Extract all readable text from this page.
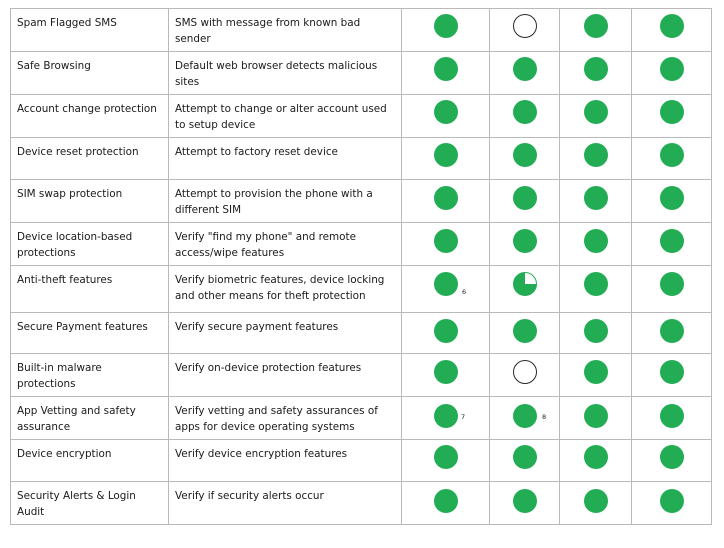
Spam Flagged SMS	SMS with message from known bad sender	

Safe Browsing	Default web browser detects malicious sites	

Account change protection	Attempt to change or alter account used to setup device	

Device reset protection	Attempt to factory reset device	

SIM swap protection	Attempt to provision the phone with a different SIM	

Device location-based protections	Verify "find my phone" and remote access/wipe features	

Anti-theft features	Verify biometric features, device locking and other means for theft protection	6			

Secure Payment features	Verify secure payment features	

Built-in malware protections	Verify on-device protection features	

App Vetting and safety assurance	Verify vetting and safety assurances of apps for device operating systems	7	8		

Device encryption	Verify device encryption features	

Security Alerts & Login Audit	Verify if security alerts occur	
